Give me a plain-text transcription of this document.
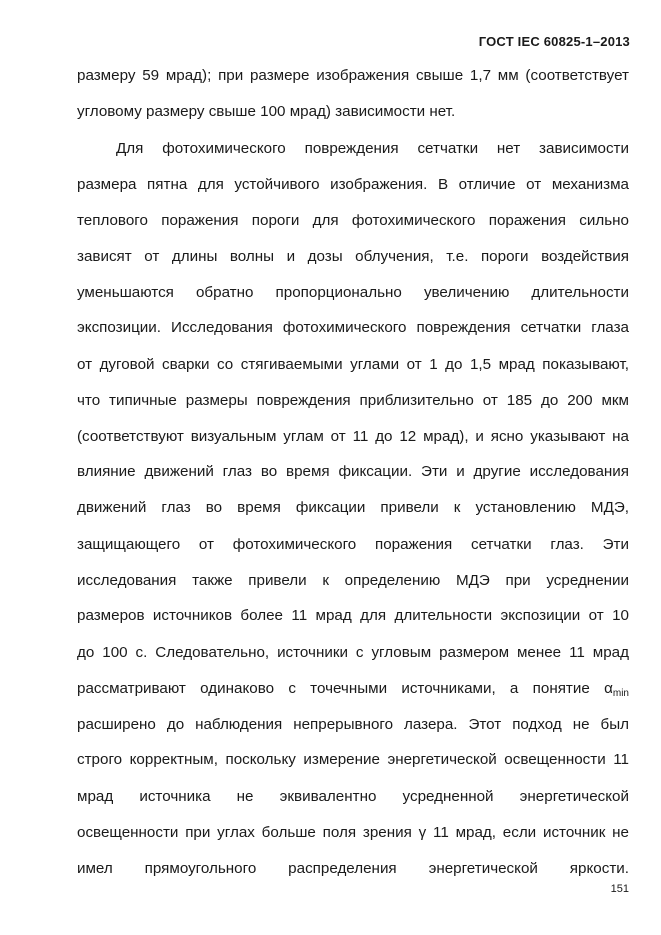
ГОСТ IEC 60825-1–2013
размеру 59 мрад); при размере изображения свыше 1,7 мм (соответствует
угловому размеру свыше 100 мрад) зависимости нет.
Для фотохимического повреждения сетчатки нет зависимости
размера пятна для устойчивого изображения. В отличие от механизма
теплового поражения пороги для фотохимического поражения сильно
зависят от длины волны и дозы облучения, т.е. пороги воздействия
уменьшаются обратно пропорционально увеличению длительности
экспозиции. Исследования фотохимического повреждения сетчатки глаза
от дуговой сварки со стягиваемыми углами от 1 до 1,5 мрад показывают,
что типичные размеры повреждения приблизительно от 185 до 200 мкм
(соответствуют визуальным углам от 11 до 12 мрад), и ясно указывают на
влияние движений глаз во время фиксации. Эти и другие исследования
движений глаз во время фиксации привели к установлению МДЭ,
защищающего от фотохимического поражения сетчатки глаз. Эти
исследования также привели к определению МДЭ при усреднении
размеров источников более 11 мрад для длительности экспозиции от 10
до 100 с. Следовательно, источники с угловым размером менее 11 мрад
рассматривают одинаково с точечными источниками, а понятие $\alpha_{min}$
расширено до наблюдения непрерывного лазера. Этот подход не был
строго корректным, поскольку измерение энергетической освещенности 11
мрад источника не эквивалентно усредненной энергетической
освещенности при углах больше поля зрения γ 11 мрад, если источник не
имел прямоугольного распределения энергетической яркости.
151
